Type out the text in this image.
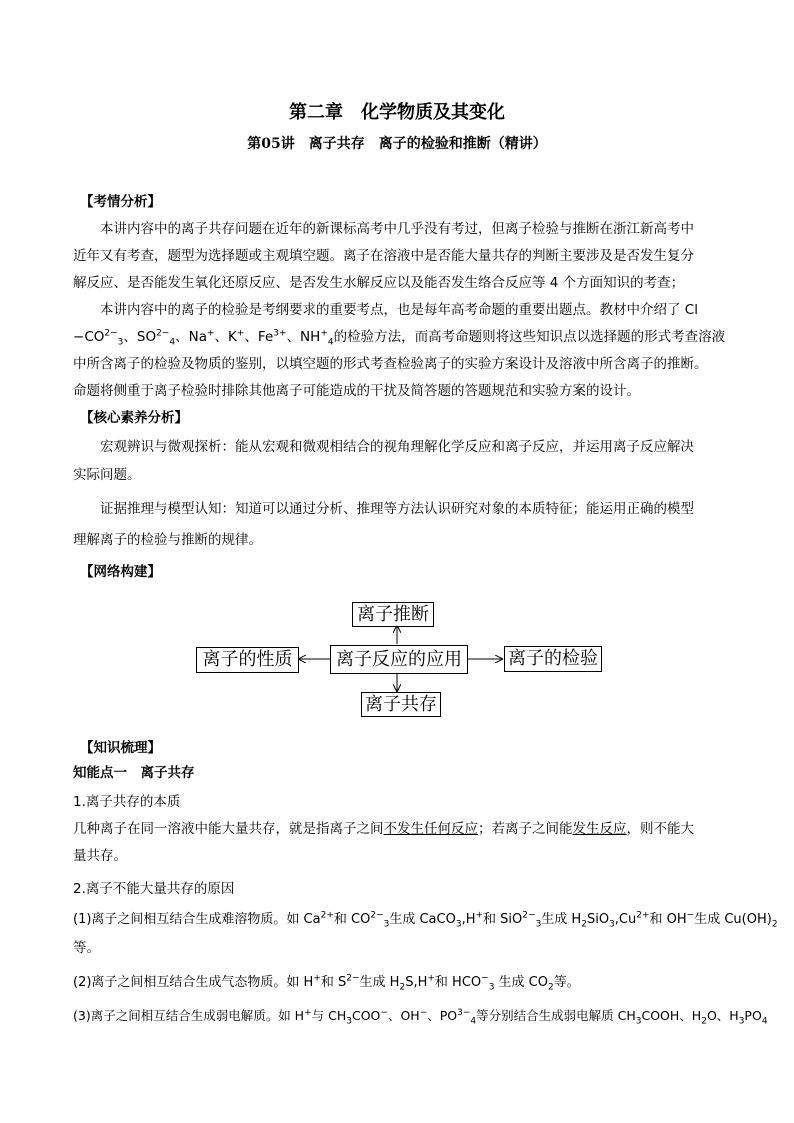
第二章　化学物质及其变化
第05讲　离子共存　离子的检验和推断（精讲）
【考情分析】
本讲内容中的离子共存问题在近年的新课标高考中几乎没有考过，但离子检验与推断在浙江新高考中
近年又有考查，题型为选择题或主观填空题。离子在溶液中是否能大量共存的判断主要涉及是否发生复分
解反应、是否能发生氧化还原反应、是否发生水解反应以及能否发生络合反应等 4 个方面知识的考查；
本讲内容中的离子的检验是考纲要求的重要考点，也是每年高考命题的重要出题点。教材中介绍了 Cl
$-CO^{2-}_3$、$SO^{2-}_4$、Na+、K+、$Fe^{3+}$、$NH^+_4$的检验方法，而高考命题则将这些知识点以选择题的形式考查溶液
中所含离子的检验及物质的鉴别，以填空题的形式考查检验离子的实验方案设计及溶液中所含离子的推断。
命题将侧重于离子检验时排除其他离子可能造成的干扰及简答题的答题规范和实验方案的设计。
【核心素养分析】
宏观辨识与微观探析：能从宏观和微观相结合的视角理解化学反应和离子反应，并运用离子反应解决
实际问题。
证据推理与模型认知：知道可以通过分析、推理等方法认识研究对象的本质特征；能运用正确的模型
理解离子的检验与推断的规律。
【网络构建】
离子推断
离子的性质	离子反应的应用	离子的检验
离子共存
【知识梳理】
知能点一　离子共存
1.离子共存的本质
几种离子在同一溶液中能大量共存，就是指离子之间不发生任何反应；若离子之间能发生反应，则不能大
量共存。
2.离子不能大量共存的原因
(1)离子之间相互结合生成难溶物质。如 $Ca^{2+}$和 $CO^{2-}_3$生成 CaCO$_3$,H+和 SiO$^{2-}_3$生成 $H_2SiO_3,Cu^{2+}$和 OH−生成 $Cu(OH)_2$
等。
(2)离子之间相互结合生成气态物质。如 H+和 $S^{2-}$生成 $H_2S,H^+$和 $HCO^-_3$ 生成 $CO_2$等。
(3)离子之间相互结合生成弱电解质。如 H+与 $CH_3COO^-$、OH−、$PO^{3-}_4$等分别结合生成弱电解质 $CH_3COOH$、$H_2O$、$H_3PO_4$
